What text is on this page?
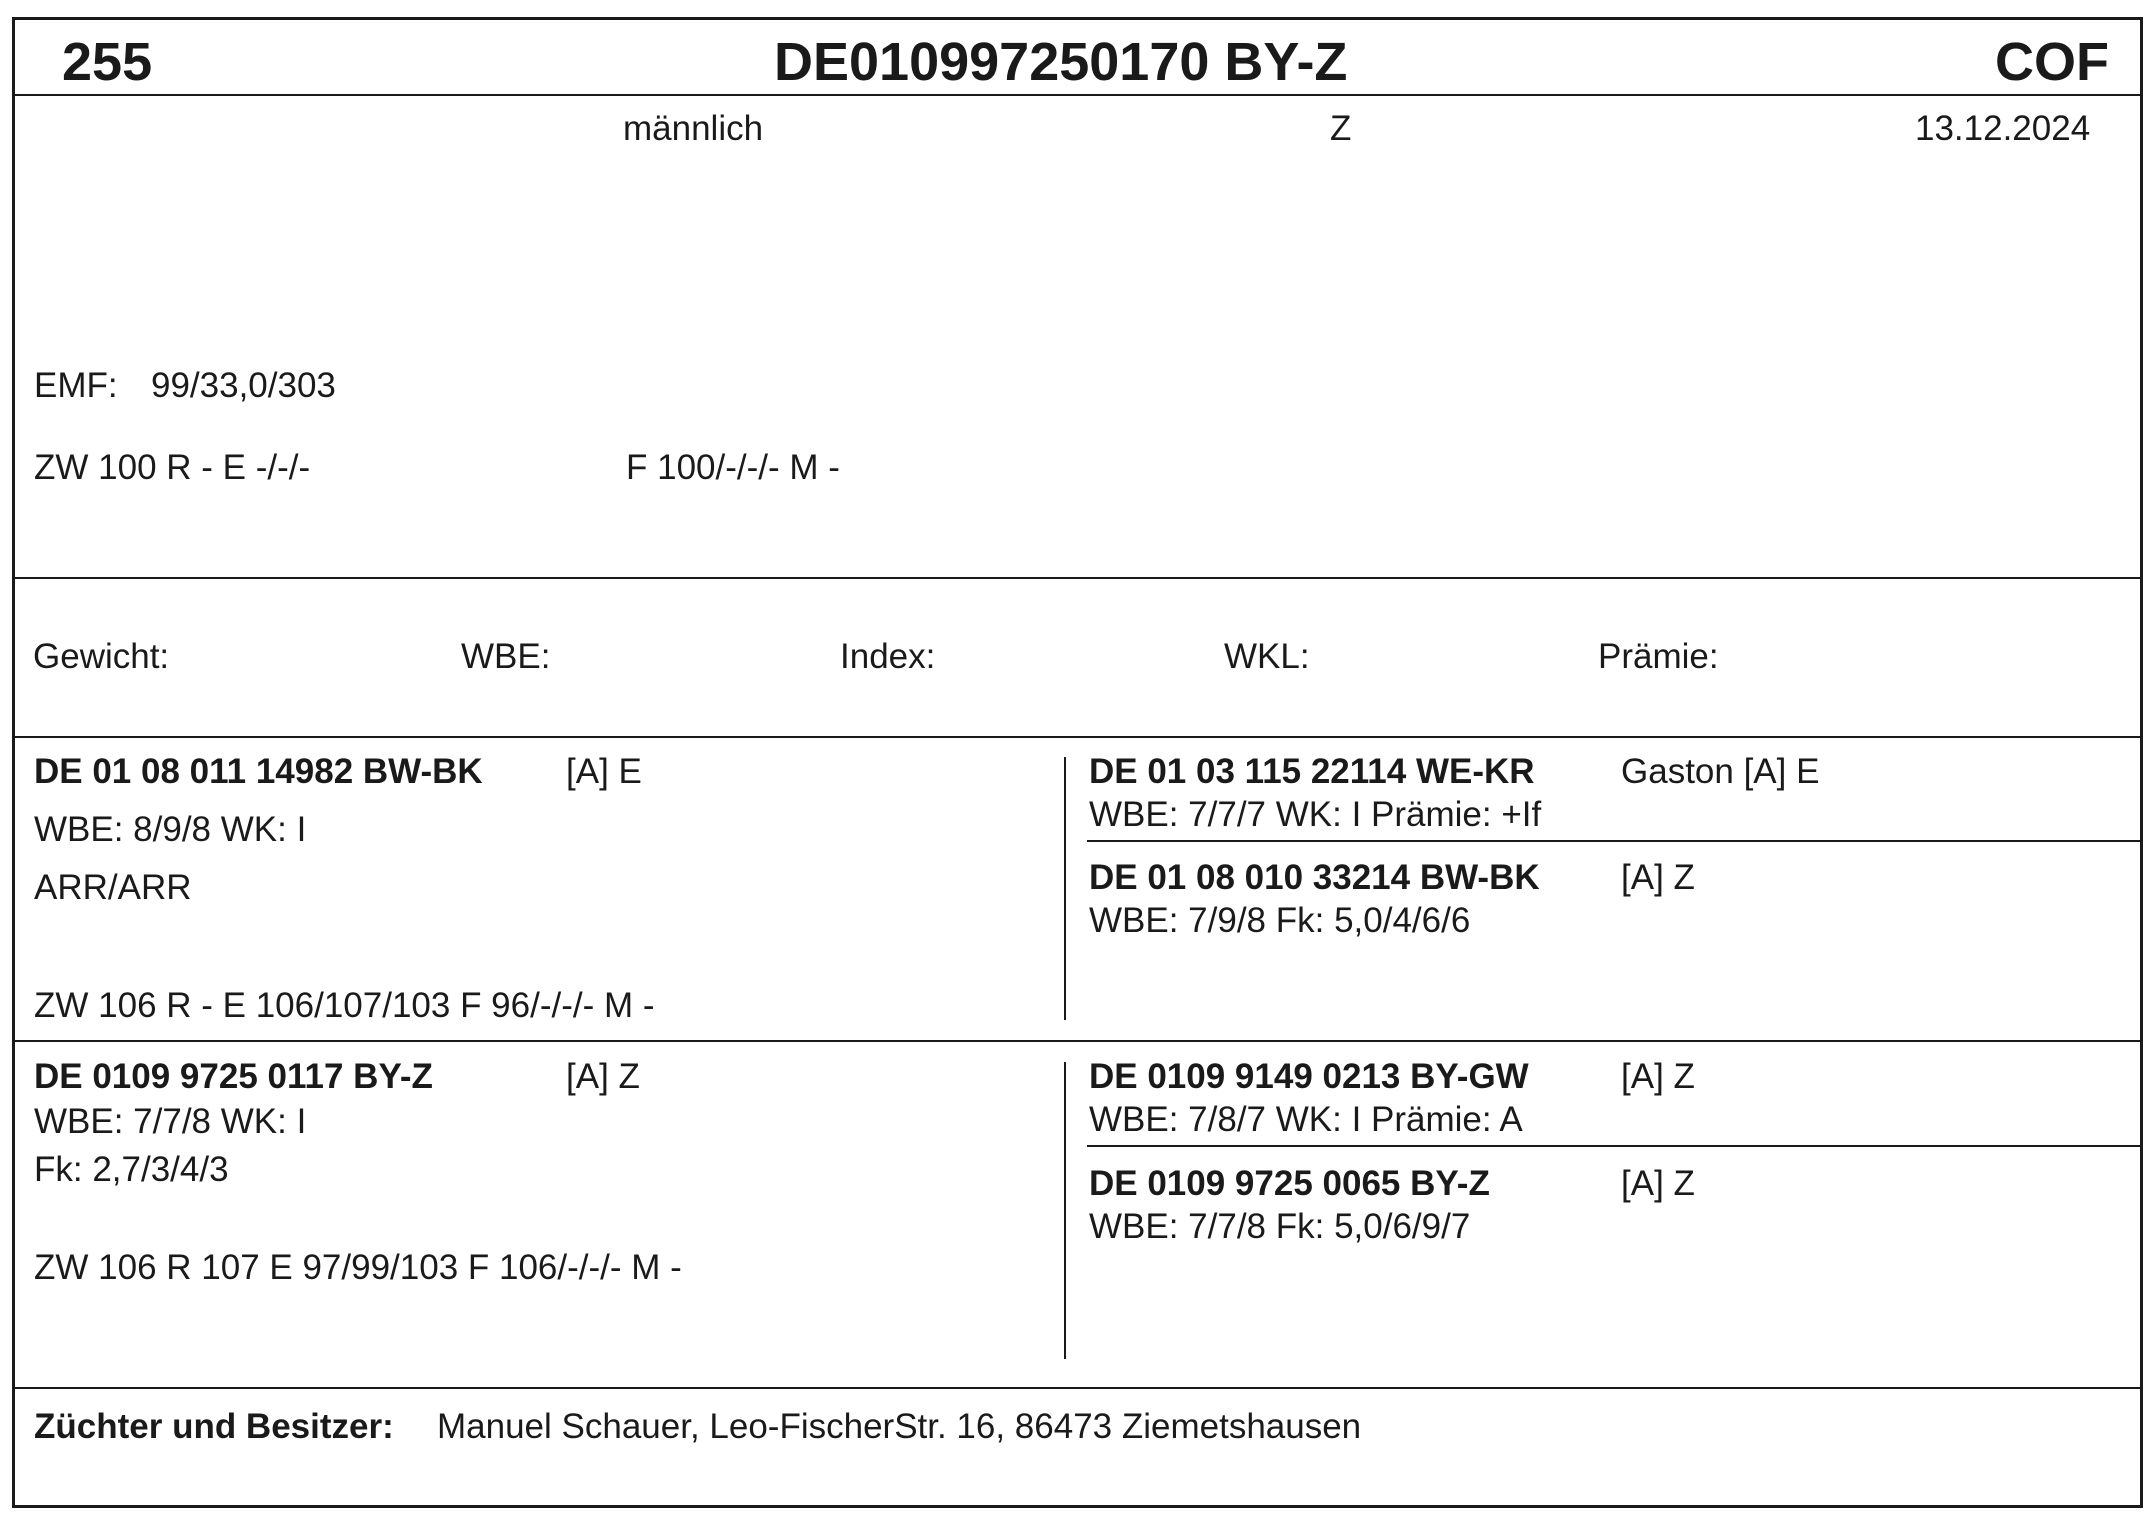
255	DE010997250170 BY-Z	COF
männlich	Z	13.12.2024
EMF: 99/33,0/303
ZW 100 R - E -/-/-	F 100/-/-/- M -
Gewicht:	WBE:	Index:	WKL:	Prämie:
DE 01 08 011 14982 BW-BK [A] E
WBE: 8/9/8 WK: I
ARR/ARR
ZW 106 R - E 106/107/103 F 96/-/-/- M -
DE 01 03 115 22114 WE-KR Gaston [A] E
WBE: 7/7/7 WK: I Prämie: +If
DE 01 08 010 33214 BW-BK [A] Z
WBE: 7/9/8 Fk: 5,0/4/6/6
DE 0109 9725 0117 BY-Z	[A] Z
WBE: 7/7/8 WK: I
Fk: 2,7/3/4/3
ZW 106 R 107 E 97/99/103 F 106/-/-/- M -
DE 0109 9149 0213 BY-GW	[A] Z
WBE: 7/8/7 WK: I Prämie: A
DE 0109 9725 0065 BY-Z	[A] Z
WBE: 7/7/8 Fk: 5,0/6/9/7
Züchter und Besitzer: Manuel Schauer, Leo-FischerStr. 16, 86473 Ziemetshausen
